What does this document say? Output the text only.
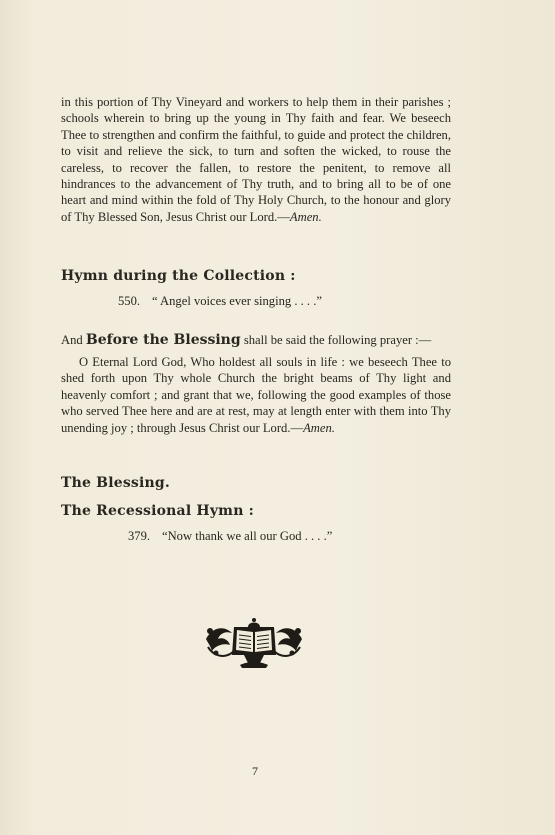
in this portion of Thy Vineyard and workers to help them in their parishes ; schools wherein to bring up the young in Thy faith and fear. We beseech Thee to strengthen and confirm the faithful, to guide and protect the children, to visit and relieve the sick, to turn and soften the wicked, to rouse the careless, to recover the fallen, to restore the penitent, to remove all hindrances to the advancement of Thy truth, and to bring all to be of one heart and mind within the fold of Thy Holy Church, to the honour and glory of Thy Blessed Son, Jesus Christ our Lord.—Amen.

Hymn during the Collection :
550. “ Angel voices ever singing . . . .”
And Before the Blessing shall be said the following prayer :—

O Eternal Lord God, Who holdest all souls in life : we beseech Thee to shed forth upon Thy whole Church the bright beams of Thy light and heavenly comfort ; and grant that we, following the good examples of those who served Thee here and are at rest, may at length enter with them into Thy unending joy ; through Jesus Christ our Lord.—Amen.

The Blessing.
The Recessional Hymn :
379. “Now thank we all our God . . . .”
7
